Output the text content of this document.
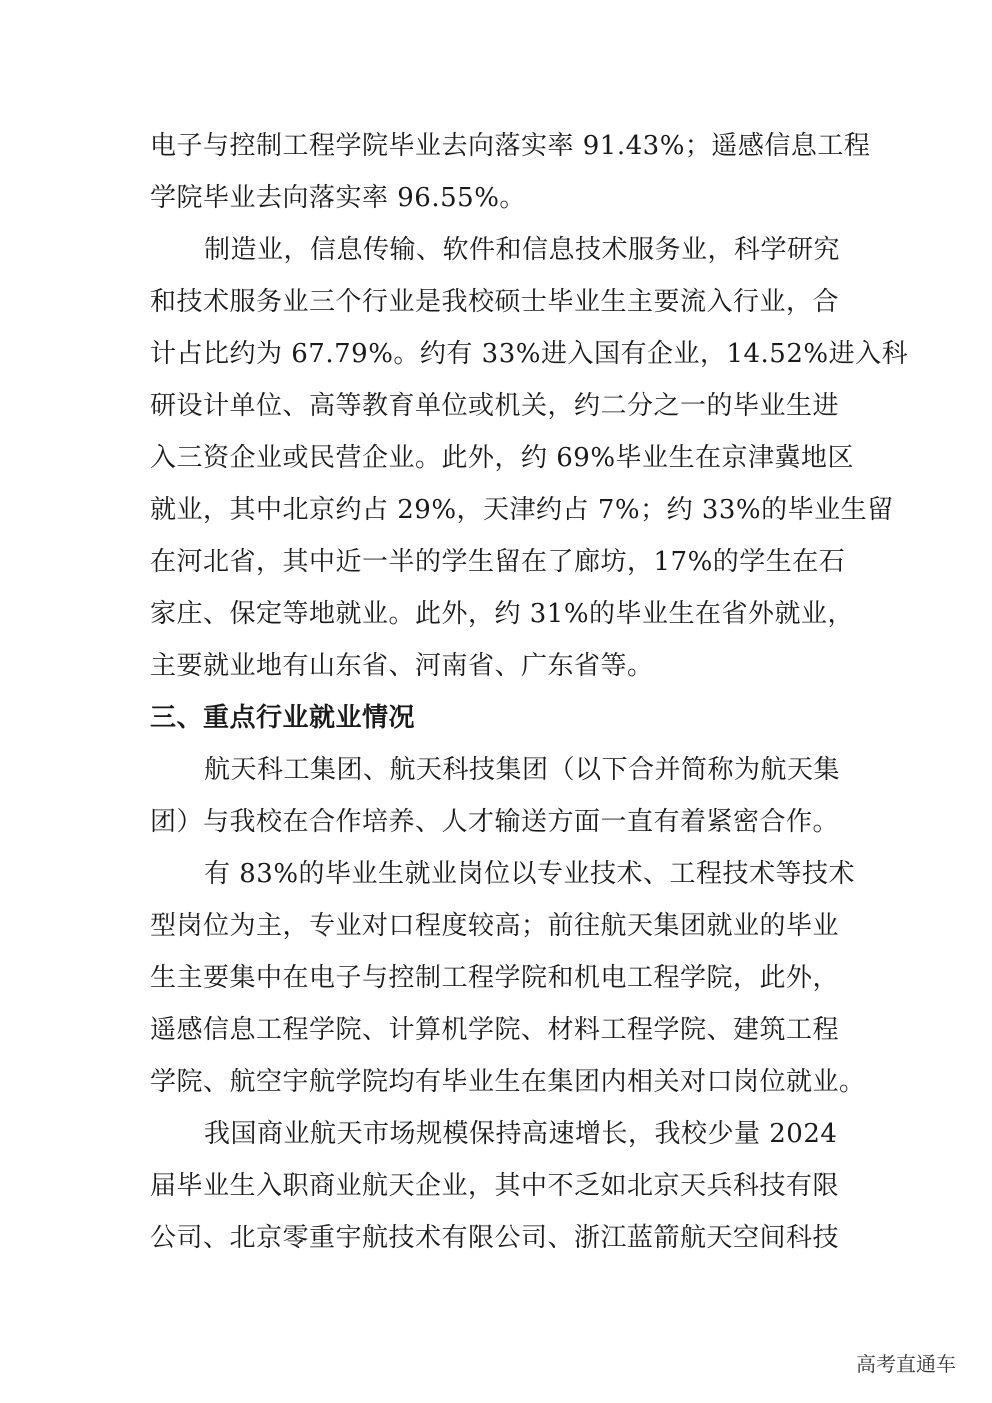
电子与控制工程学院毕业去向落实率 91.43%；遥感信息工程
学院毕业去向落实率 96.55%。
制造业，信息传输、软件和信息技术服务业，科学研究
和技术服务业三个行业是我校硕士毕业生主要流入行业，合
计占比约为 67.79%。约有 33%进入国有企业，14.52%进入科
研设计单位、高等教育单位或机关，约二分之一的毕业生进
入三资企业或民营企业。此外，约 69%毕业生在京津冀地区
就业，其中北京约占 29%，天津约占 7%；约 33%的毕业生留
在河北省，其中近一半的学生留在了廊坊，17%的学生在石
家庄、保定等地就业。此外，约 31%的毕业生在省外就业，
主要就业地有山东省、河南省、广东省等。
三、重点行业就业情况
航天科工集团、航天科技集团（以下合并简称为航天集
团）与我校在合作培养、人才输送方面一直有着紧密合作。
有 83%的毕业生就业岗位以专业技术、工程技术等技术
型岗位为主，专业对口程度较高；前往航天集团就业的毕业
生主要集中在电子与控制工程学院和机电工程学院，此外，
遥感信息工程学院、计算机学院、材料工程学院、建筑工程
学院、航空宇航学院均有毕业生在集团内相关对口岗位就业。
我国商业航天市场规模保持高速增长，我校少量 2024
届毕业生入职商业航天企业，其中不乏如北京天兵科技有限
公司、北京零重宇航技术有限公司、浙江蓝箭航天空间科技
高考直通车
